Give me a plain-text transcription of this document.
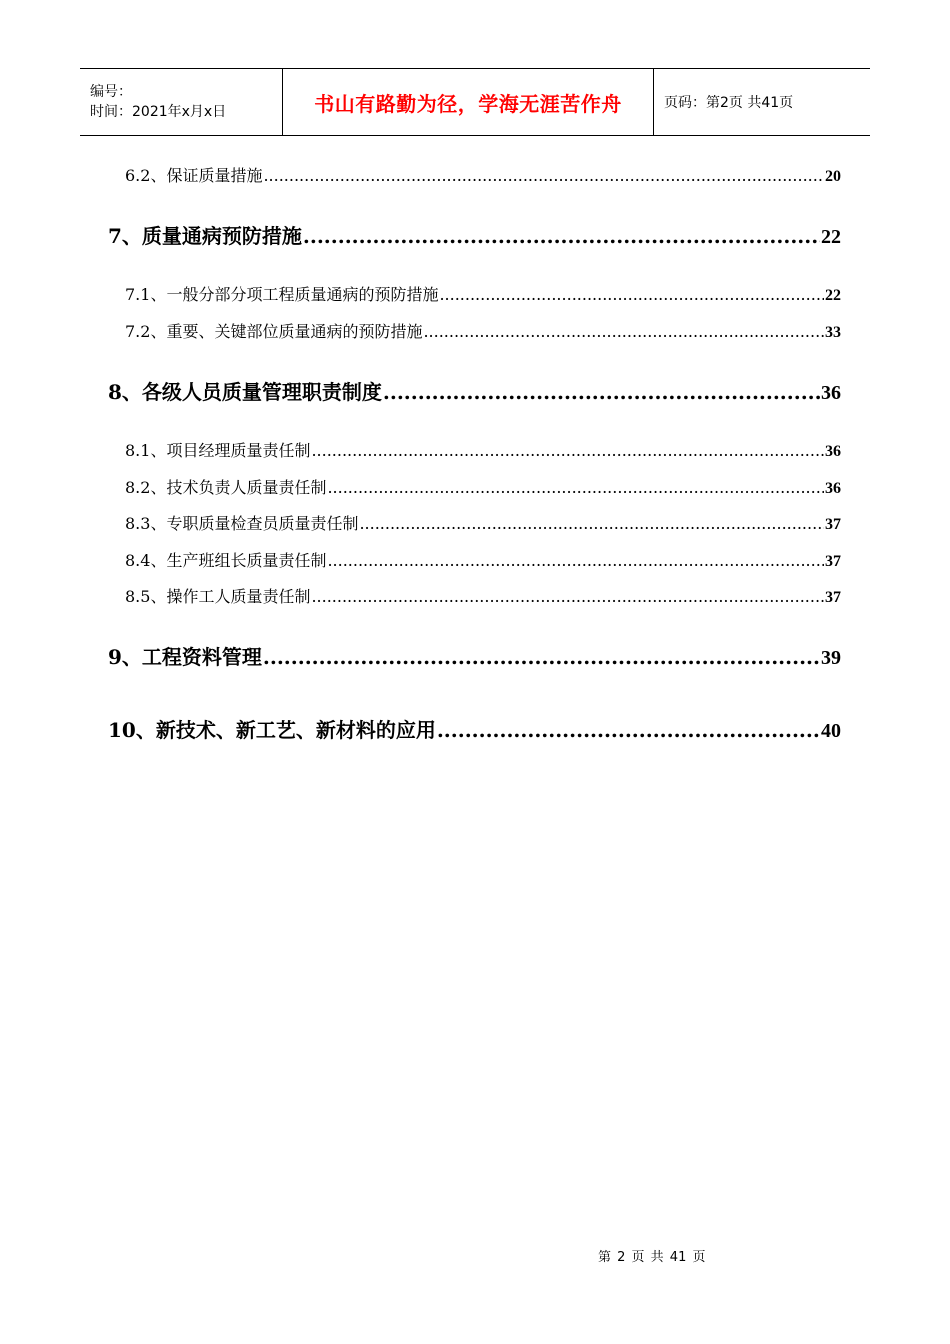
编号：
时间：2021年x月x日	书山有路勤为径，学海无涯苦作舟	页码：第2页 共41页
6.2、保证质量措施 .....	20
7、质量通病预防措施 .....	22
7.1、一般分部分项工程质量通病的预防措施 .....	22
7.2、重要、关键部位质量通病的预防措施 .....	33
8、各级人员质量管理职责制度 .....	36
8.1、项目经理质量责任制 .....	36
8.2、技术负责人质量责任制 .....	36
8.3、专职质量检查员质量责任制 .....	37
8.4、生产班组长质量责任制 .....	37
8.5、操作工人质量责任制 .....	37
9、工程资料管理 .....	39
10、新技术、新工艺、新材料的应用 .....	40
第 2 页 共 41 页
